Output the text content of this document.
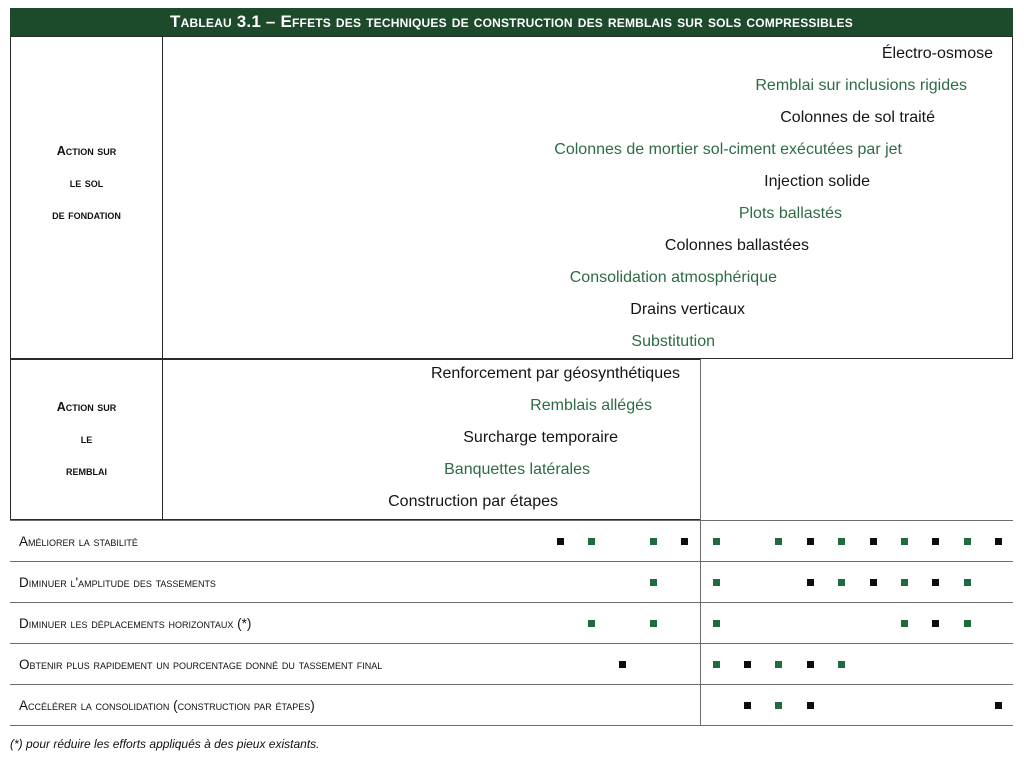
Tableau 3.1 – Effets des techniques de construction des remblais sur sols compressibles
Action sur
le sol
de fondation
Action sur
le
remblai
Électro-osmose
Remblai sur inclusions rigides
Colonnes de sol traité
Colonnes de mortier sol-ciment exécutées par jet
Injection solide
Plots ballastés
Colonnes ballastées
Consolidation atmosphérique
Drains verticaux
Substitution
Renforcement par géosynthétiques
Remblais allégés
Surcharge temporaire
Banquettes latérales
Construction par étapes
Améliorer la stabilité
Diminuer l'amplitude des tassements
Diminuer les déplacements horizontaux (*)
Obtenir plus rapidement un pourcentage donné du tassement final
Accélérer la consolidation (construction par étapes)
(*) pour réduire les efforts appliqués à des pieux existants.
